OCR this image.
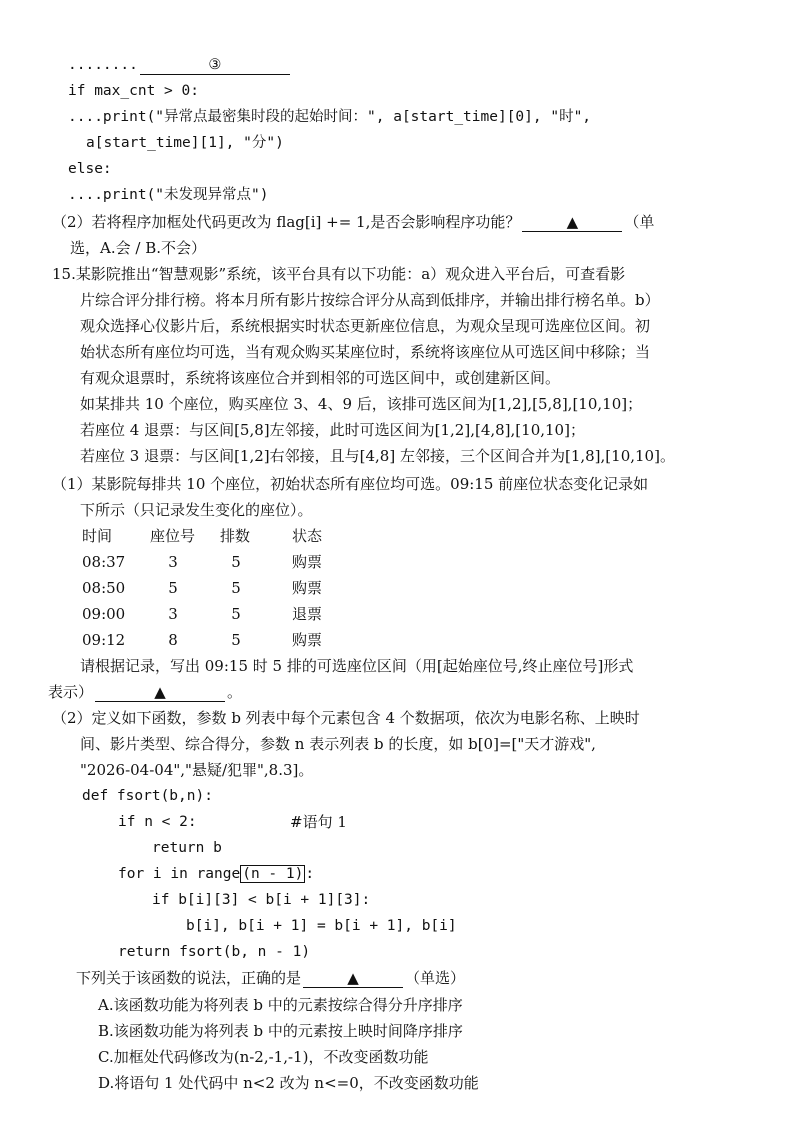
........	③
if max_cnt > 0:
....print("异常点最密集时段的起始时间：", a[start_time][0], "时",
a[start_time][1], "分")
else:
....print("未发现异常点")
（2）若将程序加框处代码更改为 flag[i] += 1,是否会影响程序功能？	▲	（单
选，A.会 / B.不会）
15.某影院推出“智慧观影”系统，该平台具有以下功能：a）观众进入平台后，可查看影
片综合评分排行榜。将本月所有影片按综合评分从高到低排序，并输出排行榜名单。b）
观众选择心仪影片后，系统根据实时状态更新座位信息，为观众呈现可选座位区间。初
始状态所有座位均可选，当有观众购买某座位时，系统将该座位从可选区间中移除；当
有观众退票时，系统将该座位合并到相邻的可选区间中，或创建新区间。
如某排共 10 个座位，购买座位 3、4、9 后，该排可选区间为[1,2],[5,8],[10,10]；
若座位 4 退票：与区间[5,8]左邻接，此时可选区间为[1,2],[4,8],[10,10]；
若座位 3 退票：与区间[1,2]右邻接，且与[4,8] 左邻接，三个区间合并为[1,8],[10,10]。
（1）某影院每排共 10 个座位，初始状态所有座位均可选。09:15 前座位状态变化记录如
下所示（只记录发生变化的座位）。
时间	座位号 排数	状态
08:37	3	5	购票
08:50	5	5	购票
09:00	3	5	退票
09:12	8	5	购票
请根据记录，写出 09:15 时 5 排的可选座位区间（用[起始座位号,终止座位号]形式
表示）	▲	。
（2）定义如下函数，参数 b 列表中每个元素包含 4 个数据项，依次为电影名称、上映时
间、影片类型、综合得分，参数 n 表示列表 b 的长度，如 b[0]=["天才游戏",
"2026-04-04","悬疑/犯罪",8.3]。
def fsort(b,n):
if n < 2:	#语句 1
return b
for i in range (n - 1) :
if b[i][3] < b[i + 1][3]:
b[i], b[i + 1] = b[i + 1], b[i]
return fsort(b, n - 1)
下列关于该函数的说法，正确的是	▲	（单选）
A.该函数功能为将列表 b 中的元素按综合得分升序排序
B.该函数功能为将列表 b 中的元素按上映时间降序排序
C.加框处代码修改为(n-2,-1,-1)，不改变函数功能
D.将语句 1 处代码中 n<2 改为 n<=0，不改变函数功能
